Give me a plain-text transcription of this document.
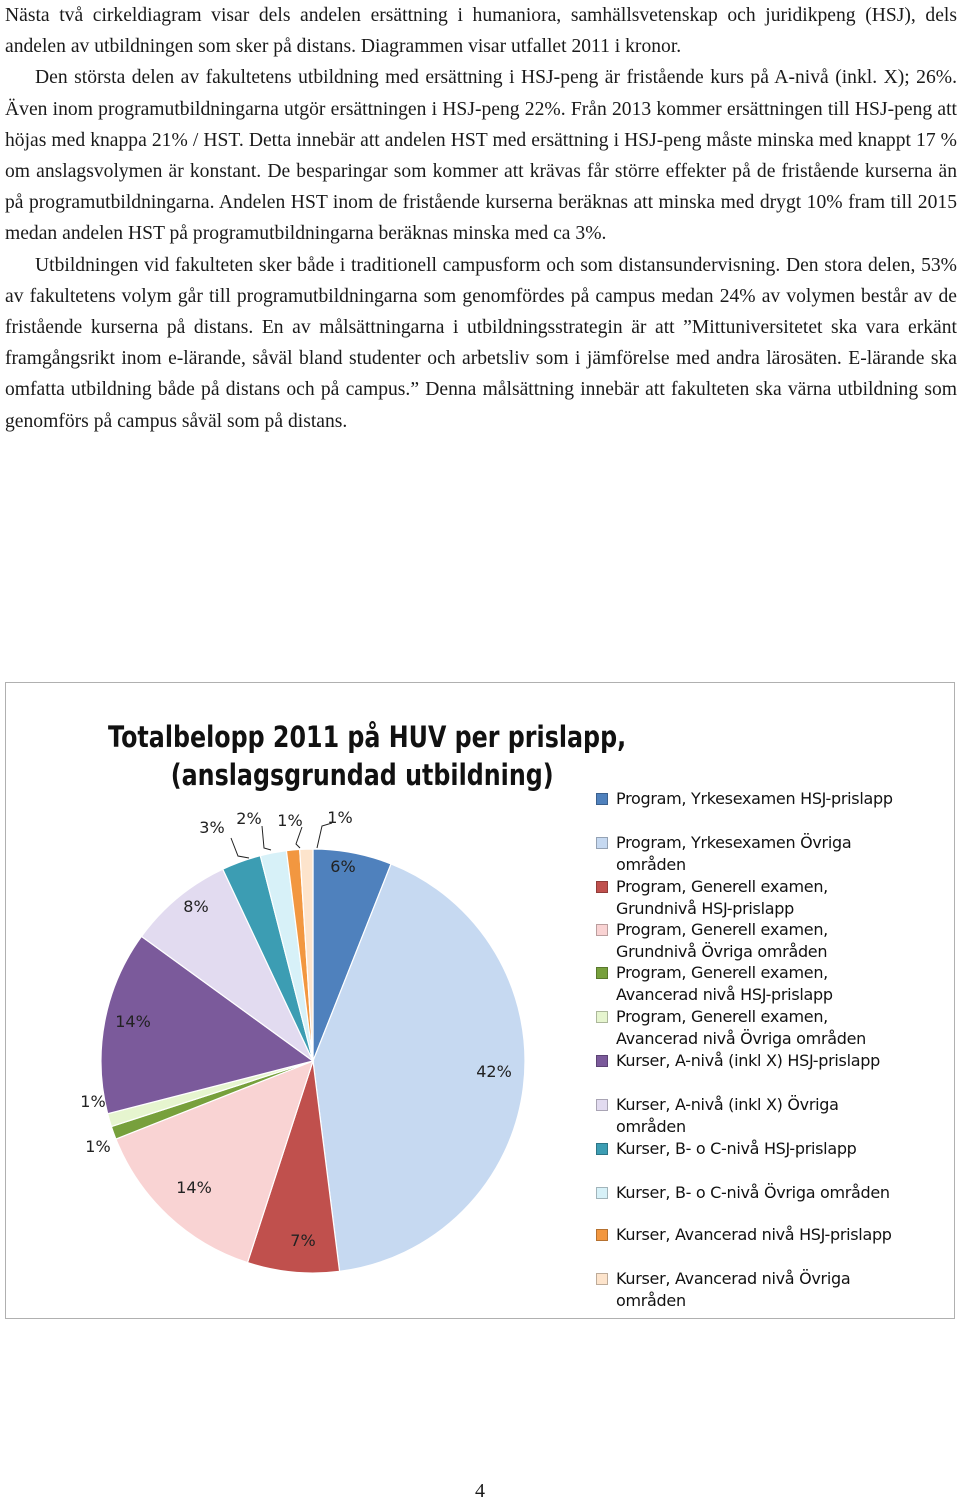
Nästa två cirkeldiagram visar dels andelen ersättning i humaniora, samhällsvetenskap och juridikpeng (HSJ), dels andelen av utbildningen som sker på distans. Diagrammen visar utfallet 2011 i kronor.

Den största delen av fakultetens utbildning med ersättning i HSJ-peng är fristående kurs på A-nivå (inkl. X); 26%. Även inom programutbildningarna utgör ersättningen i HSJ-peng 22%. Från 2013 kommer ersättningen till HSJ-peng att höjas med knappa 21% / HST. Detta innebär att andelen HST med ersättning i HSJ-peng måste minska med knappt 17 % om anslagsvolymen är konstant. De besparingar som kommer att krävas får större effekter på de fristående kurserna än på programutbildningarna. Andelen HST inom de fristående kurserna beräknas att minska med drygt 10% fram till 2015 medan andelen HST på programutbildningarna beräknas minska med ca 3%.

Utbildningen vid fakulteten sker både i traditionell campusform och som distansundervisning. Den stora delen, 53% av fakultetens volym går till programutbildningarna som genomfördes på campus medan 24% av volymen består av de fristående kurserna på distans. En av målsättningarna i utbildningsstrategin är att ”Mittuniversitetet ska vara erkänt framgångsrikt inom e-lärande, såväl bland studenter och arbetsliv som i jämförelse med andra lärosäten. E-lärande ska omfatta utbildning både på distans och på campus.” Denna målsättning innebär att fakulteten ska värna utbildning som genomförs på campus såväl som på distans.

Totalbelopp 2011 på HUV per prislapp,
(anslagsgrundad utbildning)
6%
42%
7%
14%
1%
1%
14%
8%
3% 2% 1% 1%
Program, Yrkesexamen HSJ-prislapp
Program, Yrkesexamen Övriga
områden
Program, Generell examen,
Grundnivå HSJ-prislapp
Program, Generell examen,
Grundnivå Övriga områden
Program, Generell examen,
Avancerad nivå HSJ-prislapp
Program, Generell examen,
Avancerad nivå Övriga områden
Kurser, A-nivå (inkl X) HSJ-prislapp
Kurser, A-nivå (inkl X) Övriga
områden
Kurser, B- o C-nivå HSJ-prislapp
Kurser, B- o C-nivå Övriga områden
Kurser, Avancerad nivå HSJ-prislapp
Kurser, Avancerad nivå Övriga
områden
4
